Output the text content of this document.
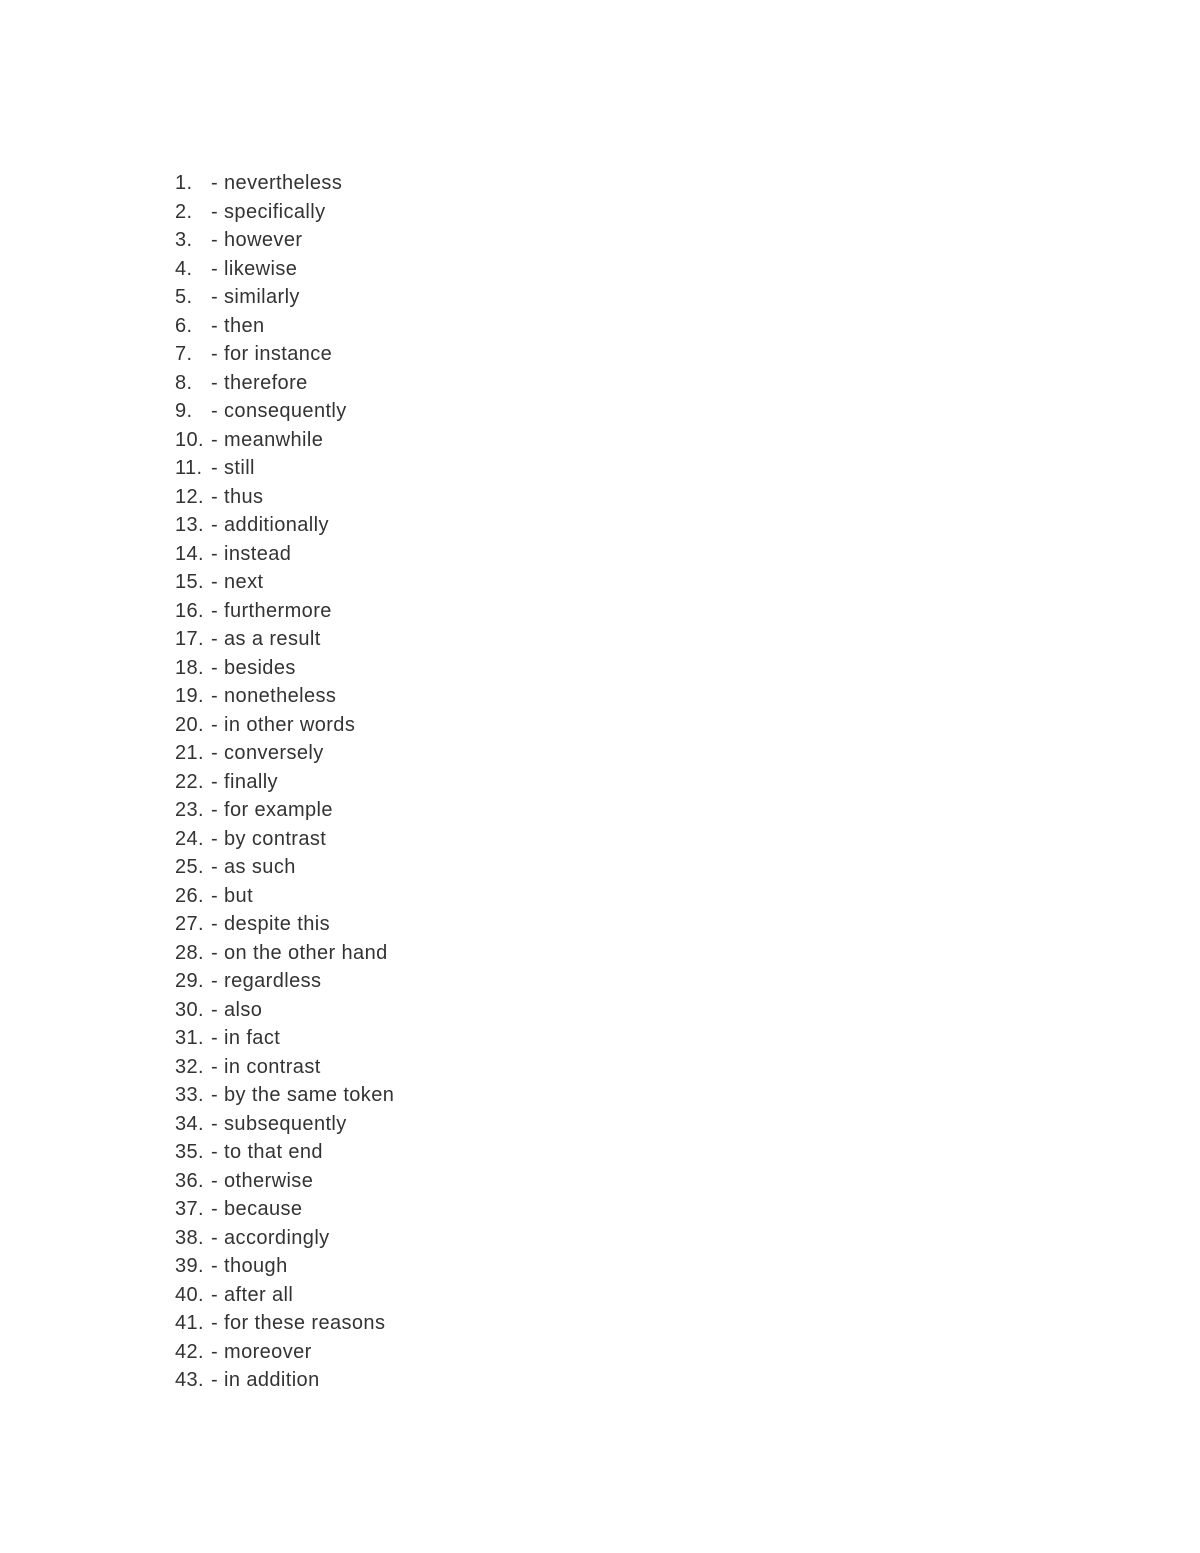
1. - nevertheless
2. - specifically
3. - however
4. - likewise
5. - similarly
6. - then
7. - for instance
8. - therefore
9. - consequently
10. - meanwhile
11. - still
12. - thus
13. - additionally
14. - instead
15. - next
16. - furthermore
17. - as a result
18. - besides
19. - nonetheless
20. - in other words
21. - conversely
22. - finally
23. - for example
24. - by contrast
25. - as such
26. - but
27. - despite this
28. - on the other hand
29. - regardless
30. - also
31. - in fact
32. - in contrast
33. - by the same token
34. - subsequently
35. - to that end
36. - otherwise
37. - because
38. - accordingly
39. - though
40. - after all
41. - for these reasons
42. - moreover
43. - in addition
